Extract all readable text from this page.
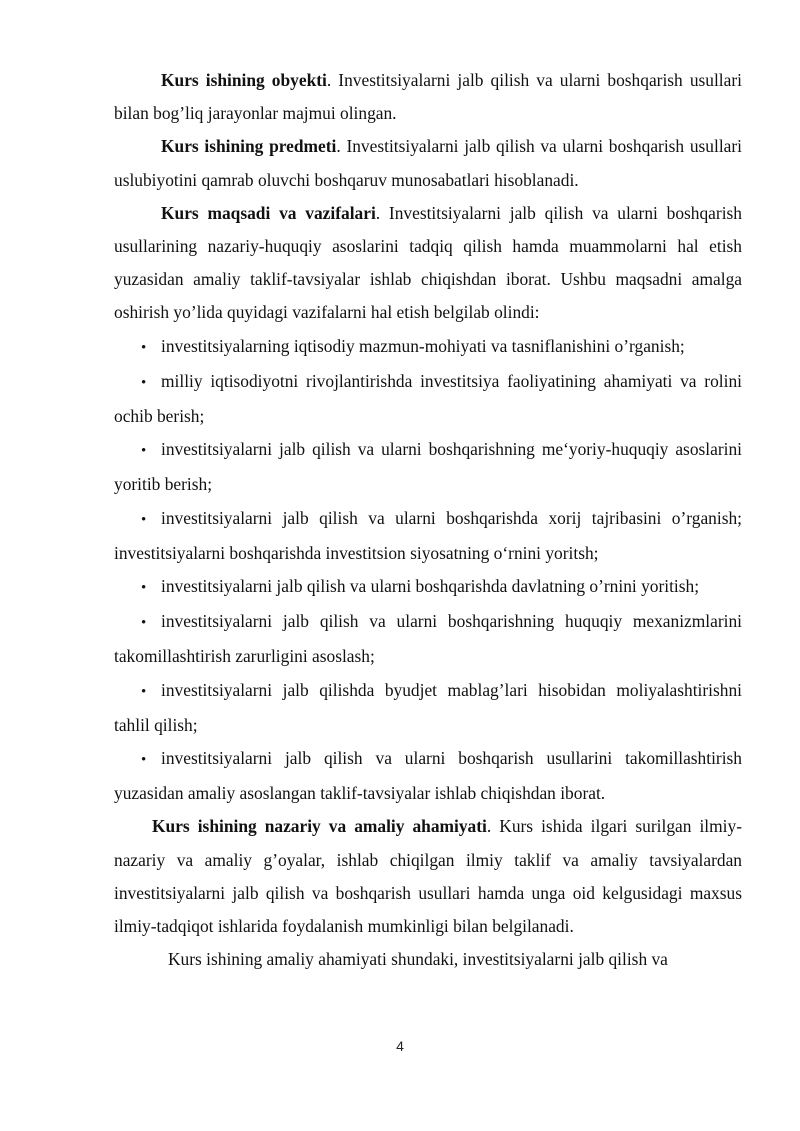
Kurs ishining obyekti. Investitsiyalarni jalb qilish va ularni boshqarish usullari bilan bog’liq jarayonlar majmui olingan.

Kurs ishining predmeti. Investitsiyalarni jalb qilish va ularni boshqarish usullari uslubiyotini qamrab oluvchi boshqaruv munosabatlari hisoblanadi.

Kurs maqsadi va vazifalari. Investitsiyalarni jalb qilish va ularni boshqarish usullarining nazariy-huquqiy asoslarini tadqiq qilish hamda muammolarni hal etish yuzasidan amaliy taklif-tavsiyalar ishlab chiqishdan iborat. Ushbu maqsadni amalga oshirish yo’lida quyidagi vazifalarni hal etish belgilab olindi:

• investitsiyalarning iqtisodiy mazmun-mohiyati va tasniflanishini o’rganish;
• milliy iqtisodiyotni rivojlantirishda investitsiya faoliyatining ahamiyati va rolini ochib berish;
• investitsiyalarni jalb qilish va ularni boshqarishning me‘yoriy-huquqiy asoslarini yoritib berish;
• investitsiyalarni jalb qilish va ularni boshqarishda xorij tajribasini o’rganish; investitsiyalarni boshqarishda investitsion siyosatning o‘rnini yoritsh;
• investitsiyalarni jalb qilish va ularni boshqarishda davlatning o’rnini yoritish;
• investitsiyalarni jalb qilish va ularni boshqarishning huquqiy mexanizmlarini takomillashtirish zarurligini asoslash;
• investitsiyalarni jalb qilishda byudjet mablag’lari hisobidan moliyalashtirishni tahlil qilish;
• investitsiyalarni jalb qilish va ularni boshqarish usullarini takomillashtirish yuzasidan amaliy asoslangan taklif-tavsiyalar ishlab chiqishdan iborat.

Kurs ishining nazariy va amaliy ahamiyati. Kurs ishida ilgari surilgan ilmiy- nazariy va amaliy g’oyalar, ishlab chiqilgan ilmiy taklif va amaliy tavsiyalardan investitsiyalarni jalb qilish va boshqarish usullari hamda unga oid kelgusidagi maxsus ilmiy-tadqiqot ishlarida foydalanish mumkinligi bilan belgilanadi.

Kurs ishining amaliy ahamiyati shundaki, investitsiyalarni jalb qilish va

4
